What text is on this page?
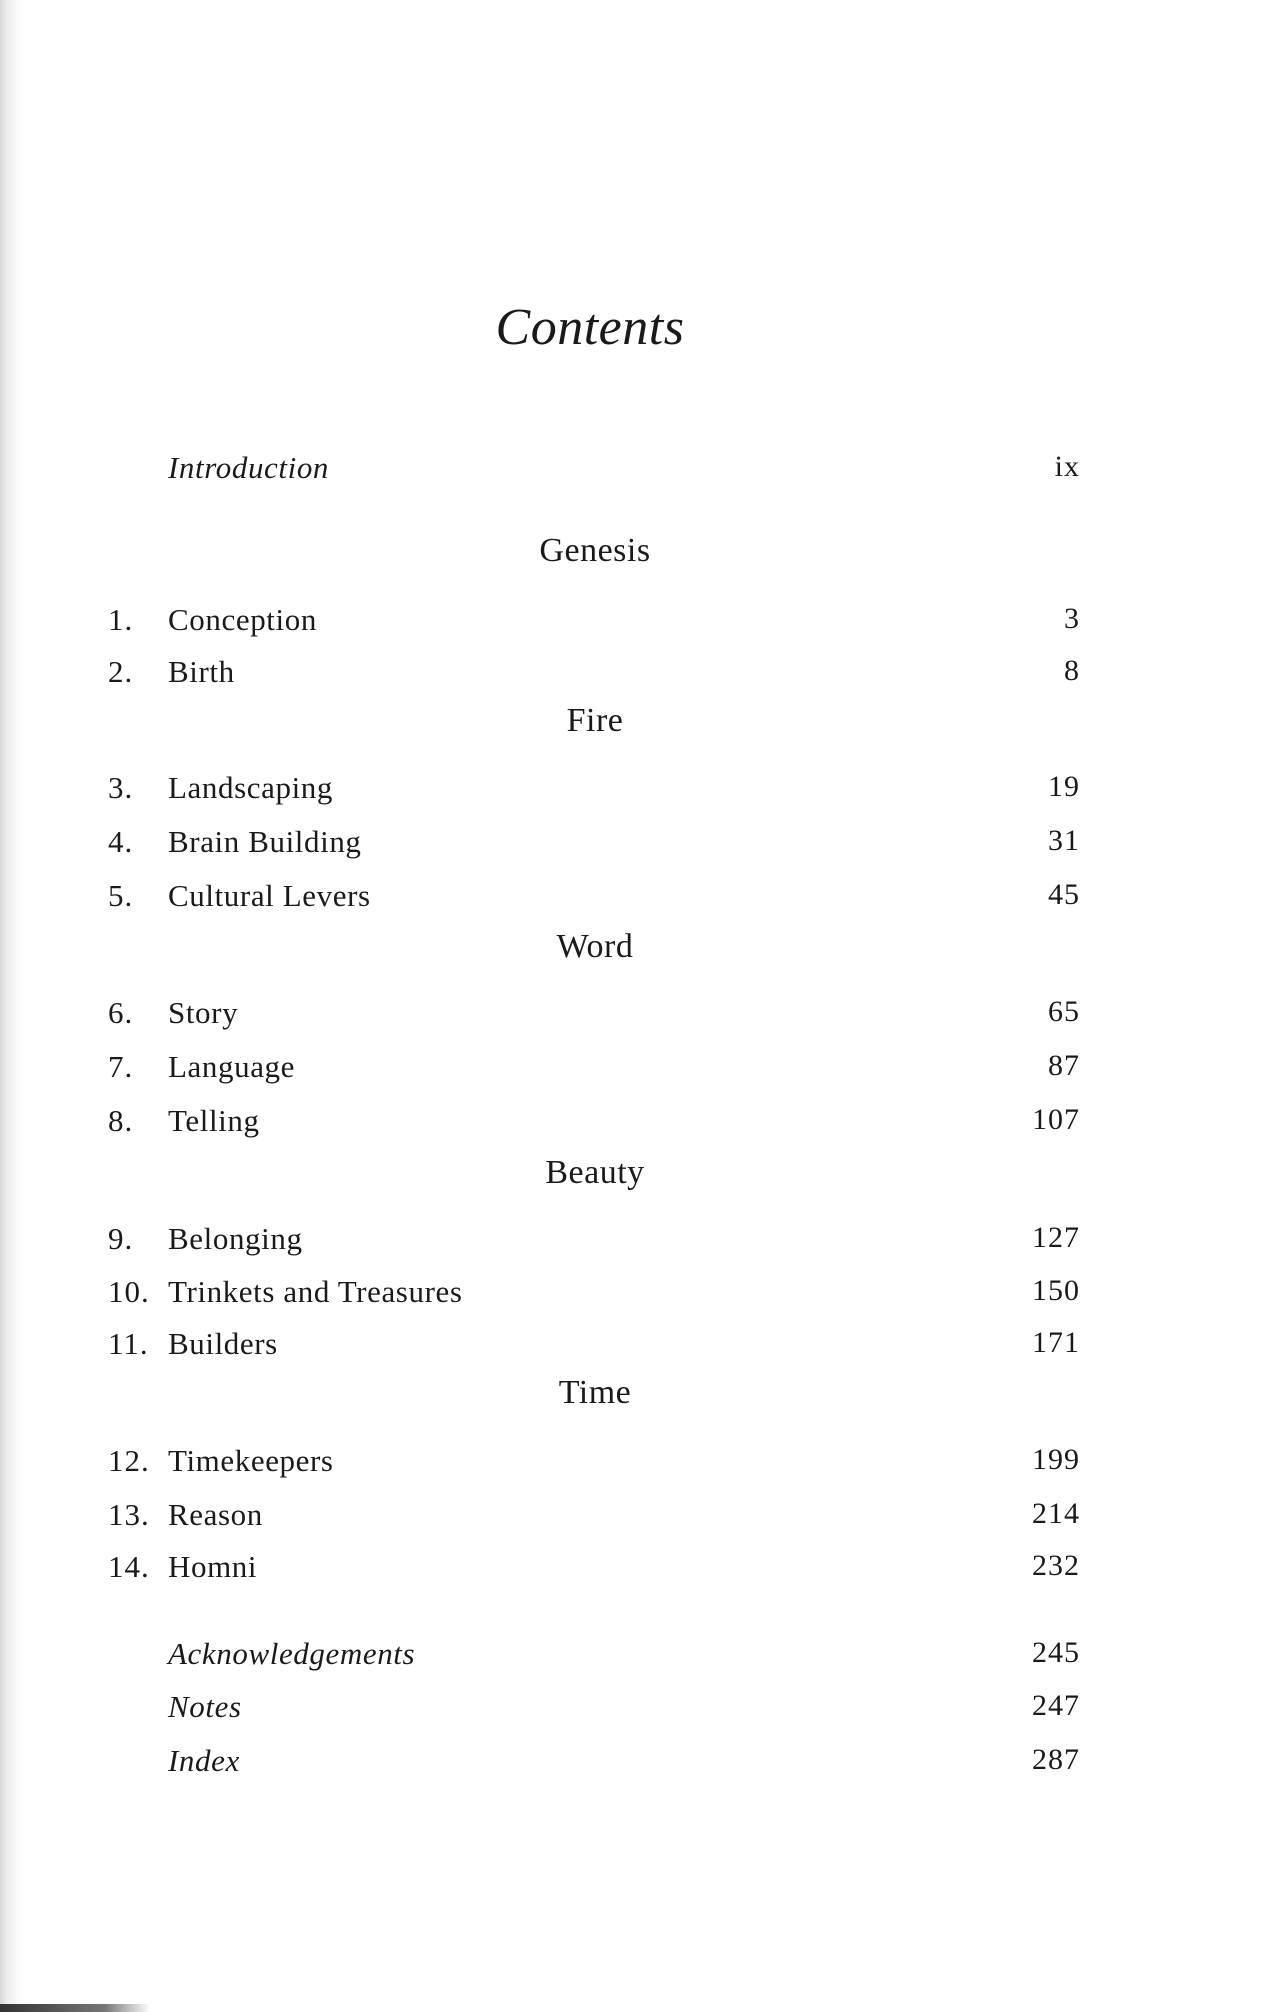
Contents
Introduction	ix
Genesis
1.	Conception	3
2.	Birth	8
Fire
3.	Landscaping	19
4.	Brain Building	31
5.	Cultural Levers	45
Word
6.	Story	65
7.	Language	87
8.	Telling	107
Beauty
9.	Belonging	127
10. Trinkets and Treasures	150
11. Builders	171
Time
12. Timekeepers	199
13. Reason	214
14. Homni	232
Acknowledgements	245
Notes	247
Index	287
